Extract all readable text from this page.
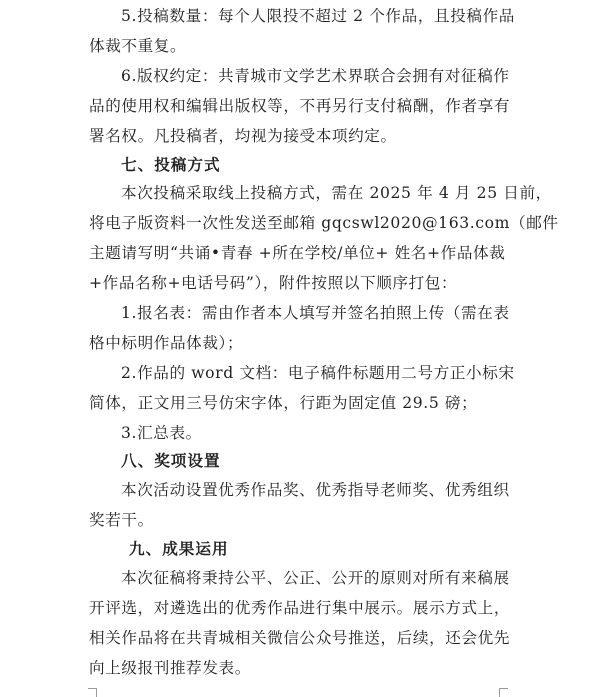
5.投稿数量：每个人限投不超过 2 个作品，且投稿作品
体裁不重复。
6.版权约定：共青城市文学艺术界联合会拥有对征稿作
品的使用权和编辑出版权等，不再另行支付稿酬，作者享有
署名权。凡投稿者，均视为接受本项约定。
七、投稿方式
本次投稿采取线上投稿方式，需在 2025 年 4 月 25 日前，
将电子版资料一次性发送至邮箱 gqcswl2020@163.com（邮件
主题请写明“共诵•青春 +所在学校/单位+ 姓名+作品体裁
+作品名称+电话号码”），附件按照以下顺序打包：
1.报名表：需由作者本人填写并签名拍照上传（需在表
格中标明作品体裁）；
2.作品的 word 文档：电子稿件标题用二号方正小标宋
简体，正文用三号仿宋字体，行距为固定值 29.5 磅；
3.汇总表。
八、奖项设置
本次活动设置优秀作品奖、优秀指导老师奖、优秀组织
奖若干。
九、成果运用
本次征稿将秉持公平、公正、公开的原则对所有来稿展
开评选，对遴选出的优秀作品进行集中展示。展示方式上，
相关作品将在共青城相关微信公众号推送，后续，还会优先
向上级报刊推荐发表。
